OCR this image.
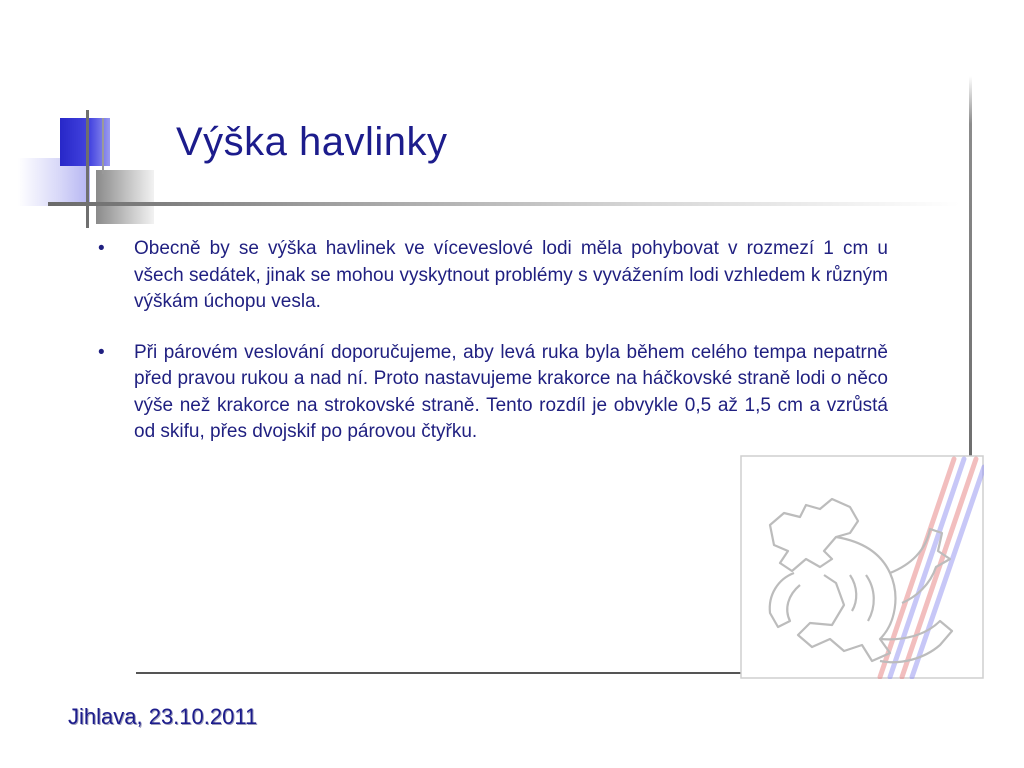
Výška havlinky
•	Obecně by se výška havlinek ve víceveslové lodi měla pohybovat v rozmezí 1 cm u všech sedátek, jinak se mohou vyskytnout problémy s vyvážením lodi vzhledem k různým výškám úchopu vesla.
•	Při párovém veslování doporučujeme, aby levá ruka byla během celého tempa nepatrně před pravou rukou a nad ní. Proto nastavujeme krakorce na háčkovské straně lodi o něco výše než krakorce na strokovské straně. Tento rozdíl je obvykle 0,5 až 1,5 cm a vzrůstá od skifu, přes dvojskif po párovou čtyřku.
Jihlava, 23.10.2011
